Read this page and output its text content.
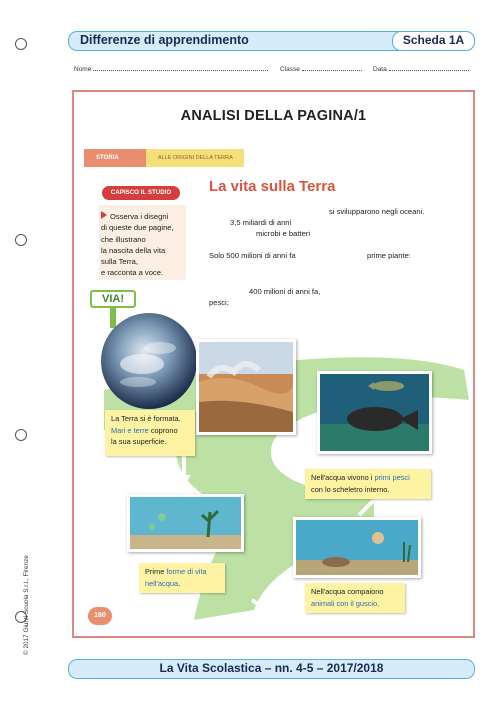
Differenze di apprendimento	Scheda 1A
Nome	Classe	Data
ANALISI DELLA PAGINA/1
STORIA	ALLE ORIGINI DELLA TERRA
CAPISCO IL STUDIO
Osserva i disegni
di queste due pagine,
che illustrano
la nascita della vita
sulla Terra,
e racconta a voce.
La vita sulla Terra
si svilupparono negli oceani.
3,5 miliardi di anni
microbi e batteri
Solo 500 milioni di anni fa	prime piante:
400 milioni di anni fa,
pesci;
VIA!
La Terra si è formata.
Mari e terre coprono
la sua superficie.
Nell'acqua vivono i primi pesci
con lo scheletro interno.
Prime forme di vita
nell'acqua.
Nell'acqua compaiono
animali con il guscio.
180
© 2017 Giunti Scuola S.r.l., Firenze
La Vita Scolastica – nn. 4-5 – 2017/2018
